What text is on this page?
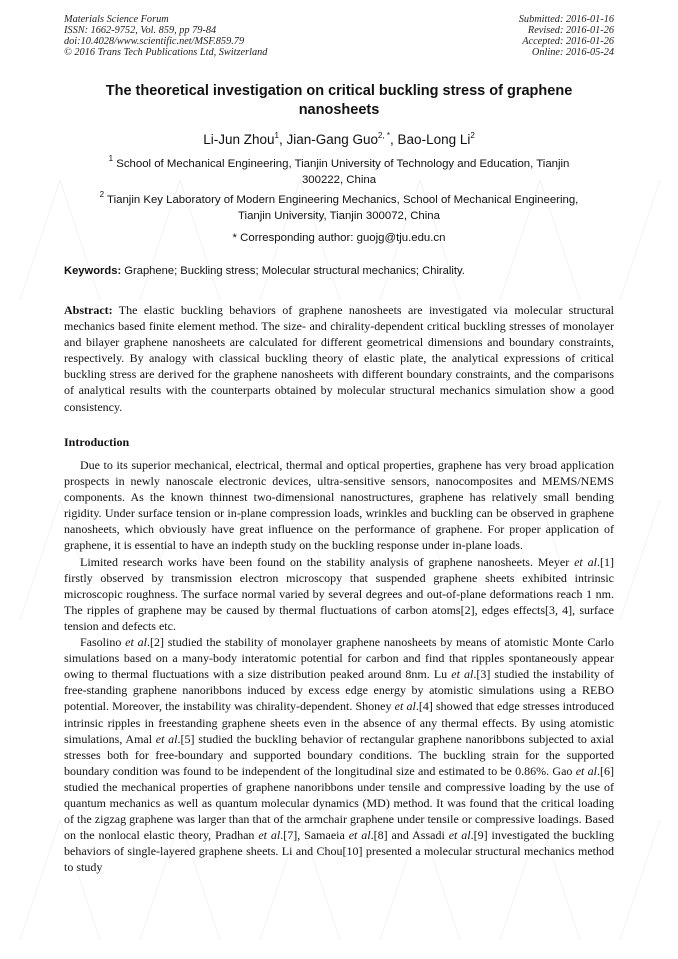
Materials Science Forum
ISSN: 1662-9752, Vol. 859, pp 79-84
doi:10.4028/www.scientific.net/MSF.859.79
© 2016 Trans Tech Publications Ltd, Switzerland
Submitted: 2016-01-16
Revised: 2016-01-26
Accepted: 2016-01-26
Online: 2016-05-24
The theoretical investigation on critical buckling stress of graphene
nanosheets

Li-Jun Zhou$^1$, Jian-Gang Guo$^{2, *}$, Bao-Long Li$^2$

$^1$ School of Mechanical Engineering, Tianjin University of Technology and Education, Tianjin
300222, China

$^2$ Tianjin Key Laboratory of Modern Engineering Mechanics, School of Mechanical Engineering,
Tianjin University, Tianjin 300072, China

* Corresponding author: guojg@tju.edu.cn

Keywords: Graphene; Buckling stress; Molecular structural mechanics; Chirality.

Abstract: The elastic buckling behaviors of graphene nanosheets are investigated via molecular structural mechanics based finite element method. The size- and chirality-dependent critical buckling stresses of monolayer and bilayer graphene nanosheets are calculated for different geometrical dimensions and boundary constraints, respectively. By analogy with classical buckling theory of elastic plate, the analytical expressions of critical buckling stress are derived for the graphene nanosheets with different boundary constraints, and the comparisons of analytical results with the counterparts obtained by molecular structural mechanics simulation show a good consistency.

Introduction

Due to its superior mechanical, electrical, thermal and optical properties, graphene has very broad application prospects in newly nanoscale electronic devices, ultra-sensitive sensors, nanocomposites and MEMS/NEMS components. As the known thinnest two-dimensional nanostructures, graphene has relatively small bending rigidity. Under surface tension or in-plane compression loads, wrinkles and buckling can be observed in graphene nanosheets, which obviously have great influence on the performance of graphene. For proper application of graphene, it is essential to have an indepth study on the buckling response under in-plane loads.

Limited research works have been found on the stability analysis of graphene nanosheets. Meyer et al.[1] firstly observed by transmission electron microscopy that suspended graphene sheets exhibited intrinsic microscopic roughness. The surface normal varied by several degrees and out-of-plane deformations reach 1 nm. The ripples of graphene may be caused by thermal fluctuations of carbon atoms[2], edges effects[3, 4], surface tension and defects etc.

Fasolino et al.[2] studied the stability of monolayer graphene nanosheets by means of atomistic Monte Carlo simulations based on a many-body interatomic potential for carbon and find that ripples spontaneously appear owing to thermal fluctuations with a size distribution peaked around 8nm. Lu et al.[3] studied the instability of free-standing graphene nanoribbons induced by excess edge energy by atomistic simulations using a REBO potential. Moreover, the instability was chirality-dependent. Shoney et al.[4] showed that edge stresses introduced intrinsic ripples in freestanding graphene sheets even in the absence of any thermal effects. By using atomistic simulations, Amal et al.[5] studied the buckling behavior of rectangular graphene nanoribbons subjected to axial stresses both for free-boundary and supported boundary conditions. The buckling strain for the supported boundary condition was found to be independent of the longitudinal size and estimated to be 0.86%. Gao et al.[6] studied the mechanical properties of graphene nanoribbons under tensile and compressive loading by the use of quantum mechanics as well as quantum molecular dynamics (MD) method. It was found that the critical loading of the zigzag graphene was larger than that of the armchair graphene under tensile or compressive loadings. Based on the nonlocal elastic theory, Pradhan et al.[7], Samaeia et al.[8] and Assadi et al.[9] investigated the buckling behaviors of single-layered graphene sheets. Li and Chou[10] presented a molecular structural mechanics method to study
